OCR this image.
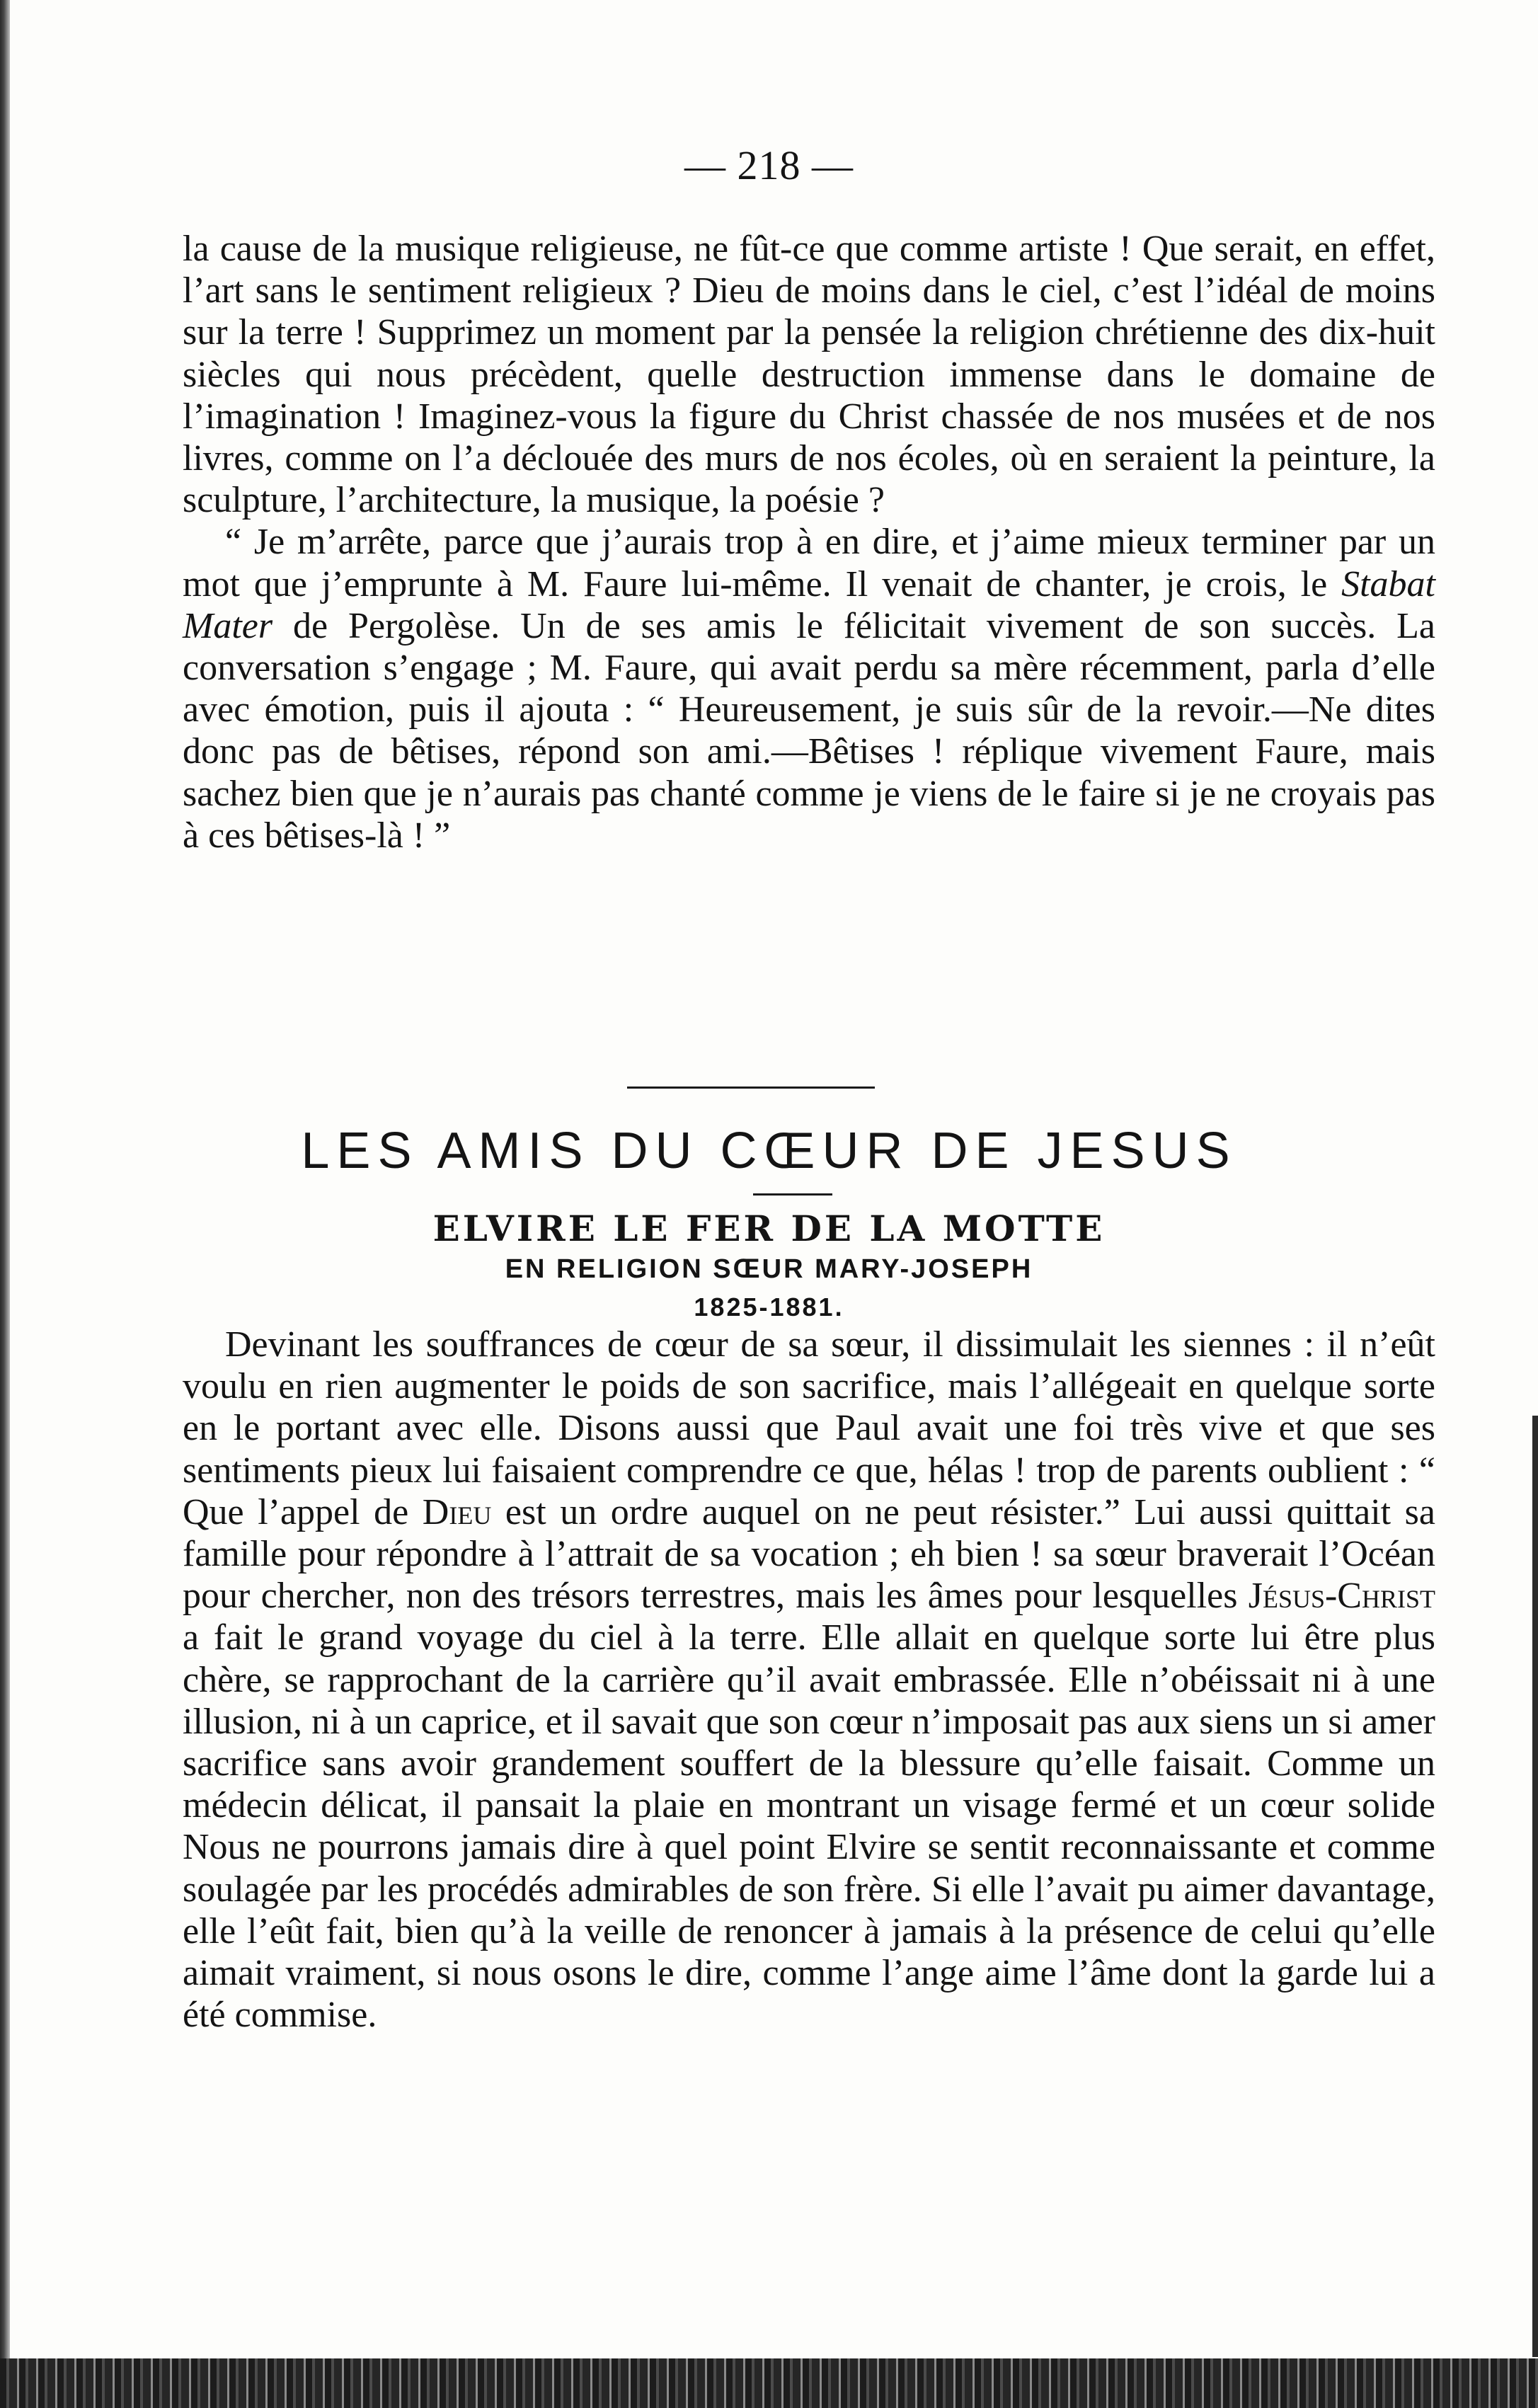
— 218 —

la cause de la musique religieuse, ne fût-ce que comme artiste ! Que serait, en effet, l’art sans le sentiment religieux ? Dieu de moins dans le ciel, c’est l’idéal de moins sur la terre ! Supprimez un moment par la pensée la religion chrétienne des dix-huit siècles qui nous précèdent, quelle destruction immense dans le domaine de l’imagination ! Imaginez-vous la figure du Christ chassée de nos musées et de nos livres, comme on l’a déclouée des murs de nos écoles, où en seraient la peinture, la sculpture, l’architecture, la musique, la poésie ?

“ Je m’arrête, parce que j’aurais trop à en dire, et j’aime mieux terminer par un mot que j’emprunte à M. Faure lui-même. Il venait de chanter, je crois, le Stabat Mater de Pergolèse. Un de ses amis le félicitait vivement de son succès. La conversation s’engage ; M. Faure, qui avait perdu sa mère récemment, parla d’elle avec émotion, puis il ajouta : “ Heureusement, je suis sûr de la revoir.—Ne dites donc pas de bêtises, répond son ami.—Bêtises ! réplique vivement Faure, mais sachez bien que je n’aurais pas chanté comme je viens de le faire si je ne croyais pas à ces bêtises-là ! ”

LES AMIS DU CŒUR DE JESUS
ELVIRE LE FER DE LA MOTTE
EN RELIGION SŒUR MARY-JOSEPH
1825-1881.

Devinant les souffrances de cœur de sa sœur, il dissimulait les siennes : il n’eût voulu en rien augmenter le poids de son sacrifice, mais l’allégeait en quelque sorte en le portant avec elle. Disons aussi que Paul avait une foi très vive et que ses sentiments pieux lui faisaient comprendre ce que, hélas ! trop de parents oublient : “ Que l’appel de Dieu est un ordre auquel on ne peut résister.” Lui aussi quittait sa famille pour répondre à l’attrait de sa vocation ; eh bien ! sa sœur braverait l’Océan pour chercher, non des trésors terrestres, mais les âmes pour lesquelles Jésus-Christ a fait le grand voyage du ciel à la terre. Elle allait en quelque sorte lui être plus chère, se rapprochant de la carrière qu’il avait embrassée. Elle n’obéissait ni à une illusion, ni à un caprice, et il savait que son cœur n’imposait pas aux siens un si amer sacrifice sans avoir grandement souffert de la blessure qu’elle faisait. Comme un médecin délicat, il pansait la plaie en montrant un visage fermé et un cœur solide Nous ne pourrons jamais dire à quel point Elvire se sentit reconnaissante et comme soulagée par les procédés admirables de son frère. Si elle l’avait pu aimer davantage, elle l’eût fait, bien qu’à la veille de renoncer à jamais à la présence de celui qu’elle aimait vraiment, si nous osons le dire, comme l’ange aime l’âme dont la garde lui a été commise.
